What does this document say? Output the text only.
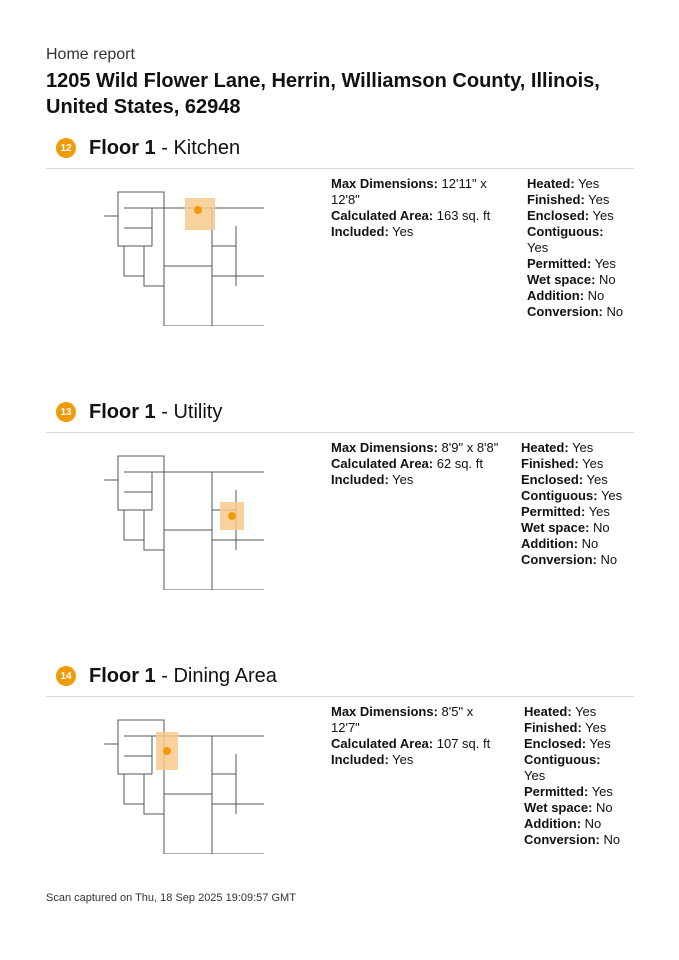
Home report
1205 Wild Flower Lane, Herrin, Williamson County, Illinois, United States, 62948
12 Floor 1 - Kitchen
Max Dimensions: 12'11" x 12'8"
Calculated Area: 163 sq. ft
Included: Yes
Heated: Yes
Finished: Yes
Enclosed: Yes
Contiguous: Yes
Permitted: Yes
Wet space: No
Addition: No
Conversion: No
13 Floor 1 - Utility
Max Dimensions: 8'9" x 8'8"
Calculated Area: 62 sq. ft
Included: Yes
Heated: Yes
Finished: Yes
Enclosed: Yes
Contiguous: Yes
Permitted: Yes
Wet space: No
Addition: No
Conversion: No
14 Floor 1 - Dining Area
Max Dimensions: 8'5" x 12'7"
Calculated Area: 107 sq. ft
Included: Yes
Heated: Yes
Finished: Yes
Enclosed: Yes
Contiguous: Yes
Permitted: Yes
Wet space: No
Addition: No
Conversion: No
Scan captured on Thu, 18 Sep 2025 19:09:57 GMT
